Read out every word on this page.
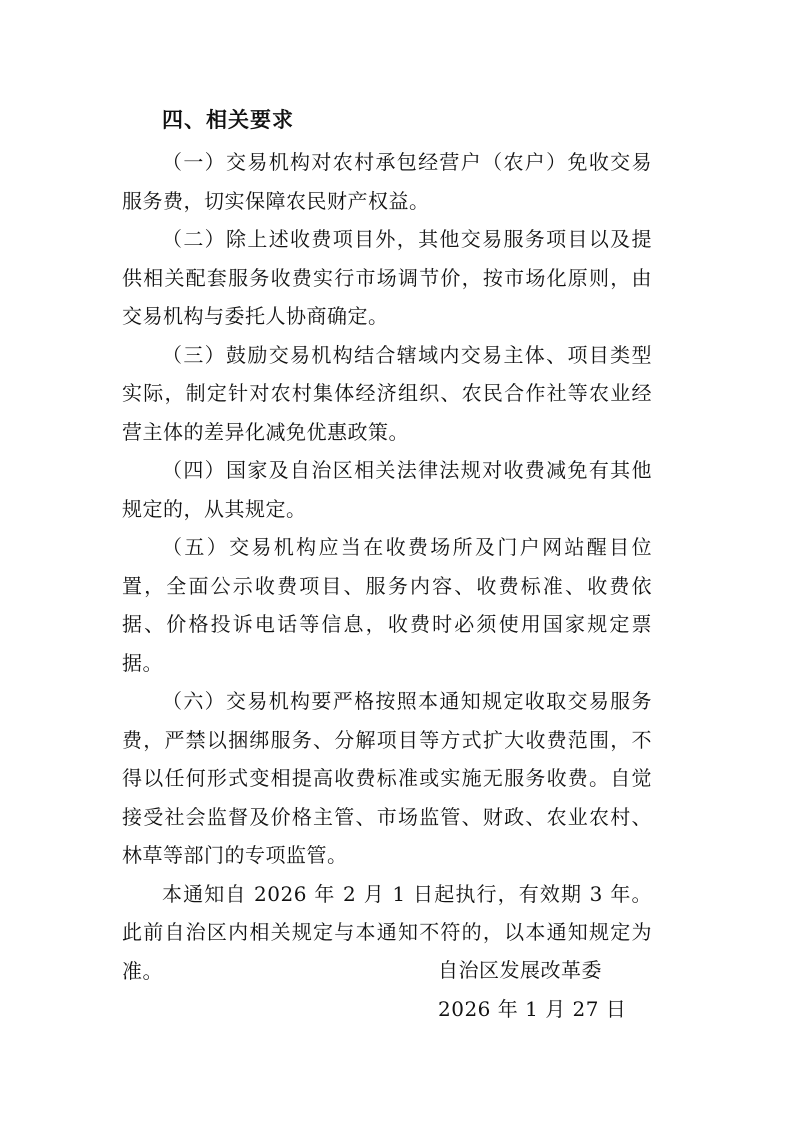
四、相关要求

（一）交易机构对农村承包经营户（农户）免收交易服务费，切实保障农民财产权益。

（二）除上述收费项目外，其他交易服务项目以及提供相关配套服务收费实行市场调节价，按市场化原则，由交易机构与委托人协商确定。

（三）鼓励交易机构结合辖域内交易主体、项目类型实际，制定针对农村集体经济组织、农民合作社等农业经营主体的差异化减免优惠政策。

（四）国家及自治区相关法律法规对收费减免有其他规定的，从其规定。

（五）交易机构应当在收费场所及门户网站醒目位置，全面公示收费项目、服务内容、收费标准、收费依据、价格投诉电话等信息，收费时必须使用国家规定票据。

（六）交易机构要严格按照本通知规定收取交易服务费，严禁以捆绑服务、分解项目等方式扩大收费范围，不得以任何形式变相提高收费标准或实施无服务收费。自觉接受社会监督及价格主管、市场监管、财政、农业农村、林草等部门的专项监管。

本通知自 2026 年 2 月 1 日起执行，有效期 3 年。此前自治区内相关规定与本通知不符的，以本通知规定为准。	自治区发展改革委

2026 年 1 月 27 日
